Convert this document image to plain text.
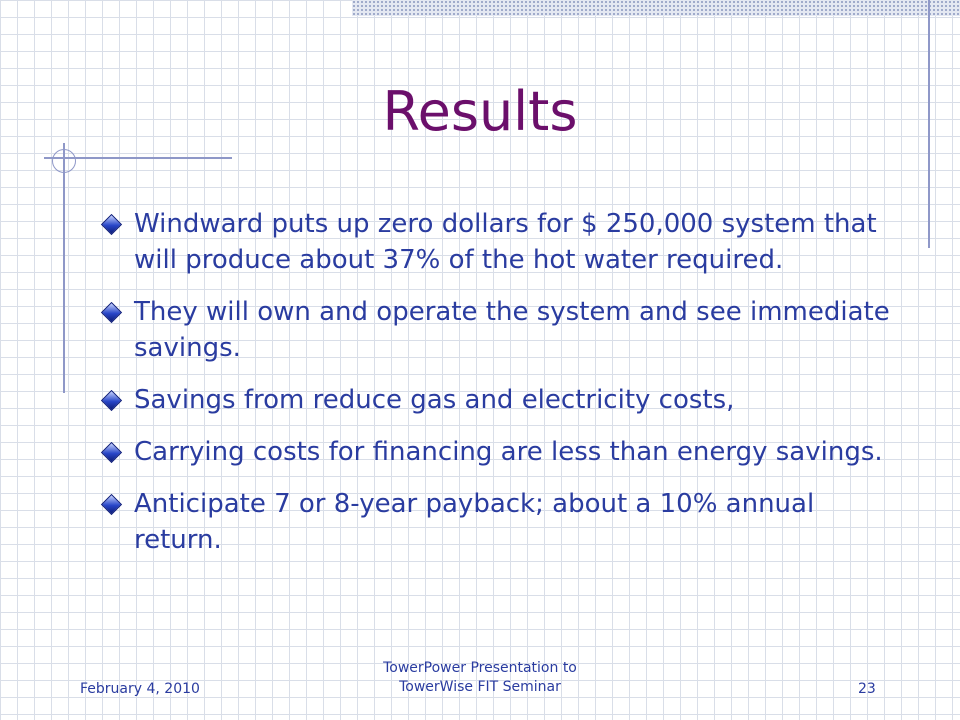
Results
Windward puts up zero dollars for $ 250,000 system that will produce about 37% of the hot water required.
They will own and operate the system and see immediate savings.
Savings from reduce gas and electricity costs,
Carrying costs for financing are less than energy savings.
Anticipate 7 or 8-year payback; about a 10% annual return.
February 4, 2010
TowerPower Presentation to
TowerWise FIT Seminar	23
